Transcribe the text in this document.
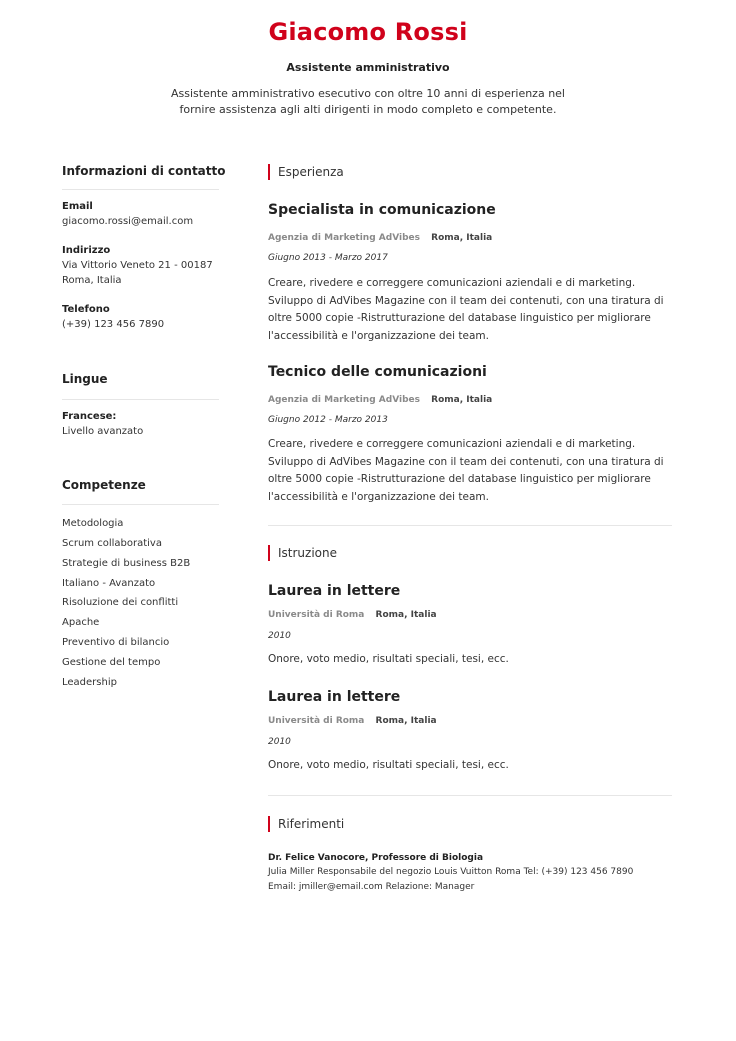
Giacomo Rossi
Assistente amministrativo
Assistente amministrativo esecutivo con oltre 10 anni di esperienza nel fornire assistenza agli alti dirigenti in modo completo e competente.
Informazioni di contatto
Email
giacomo.rossi@email.com
Indirizzo
Via Vittorio Veneto 21 - 00187
Roma, Italia
Telefono
(+39) 123 456 7890
Lingue
Francese:
Livello avanzato
Competenze
Metodologia
Scrum collaborativa
Strategie di business B2B
Italiano - Avanzato
Risoluzione dei conflitti
Apache
Preventivo di bilancio
Gestione del tempo
Leadership
Esperienza
Specialista in comunicazione
Agenzia di Marketing AdVibes Roma, Italia
Giugno 2013 - Marzo 2017
Creare, rivedere e correggere comunicazioni aziendali e di marketing.
Sviluppo di AdVibes Magazine con il team dei contenuti, con una tiratura di
oltre 5000 copie -Ristrutturazione del database linguistico per migliorare
l'accessibilità e l'organizzazione dei team.
Tecnico delle comunicazioni
Agenzia di Marketing AdVibes Roma, Italia
Giugno 2012 - Marzo 2013
Creare, rivedere e correggere comunicazioni aziendali e di marketing.
Sviluppo di AdVibes Magazine con il team dei contenuti, con una tiratura di
oltre 5000 copie -Ristrutturazione del database linguistico per migliorare
l'accessibilità e l'organizzazione dei team.
Istruzione
Laurea in lettere
Università di Roma Roma, Italia
2010
Onore, voto medio, risultati speciali, tesi, ecc.
Laurea in lettere
Università di Roma Roma, Italia
2010
Onore, voto medio, risultati speciali, tesi, ecc.
Riferimenti
Dr. Felice Vanocore, Professore di Biologia
Julia Miller Responsabile del negozio Louis Vuitton Roma Tel: (+39) 123 456 7890
Email: jmiller@email.com Relazione: Manager
